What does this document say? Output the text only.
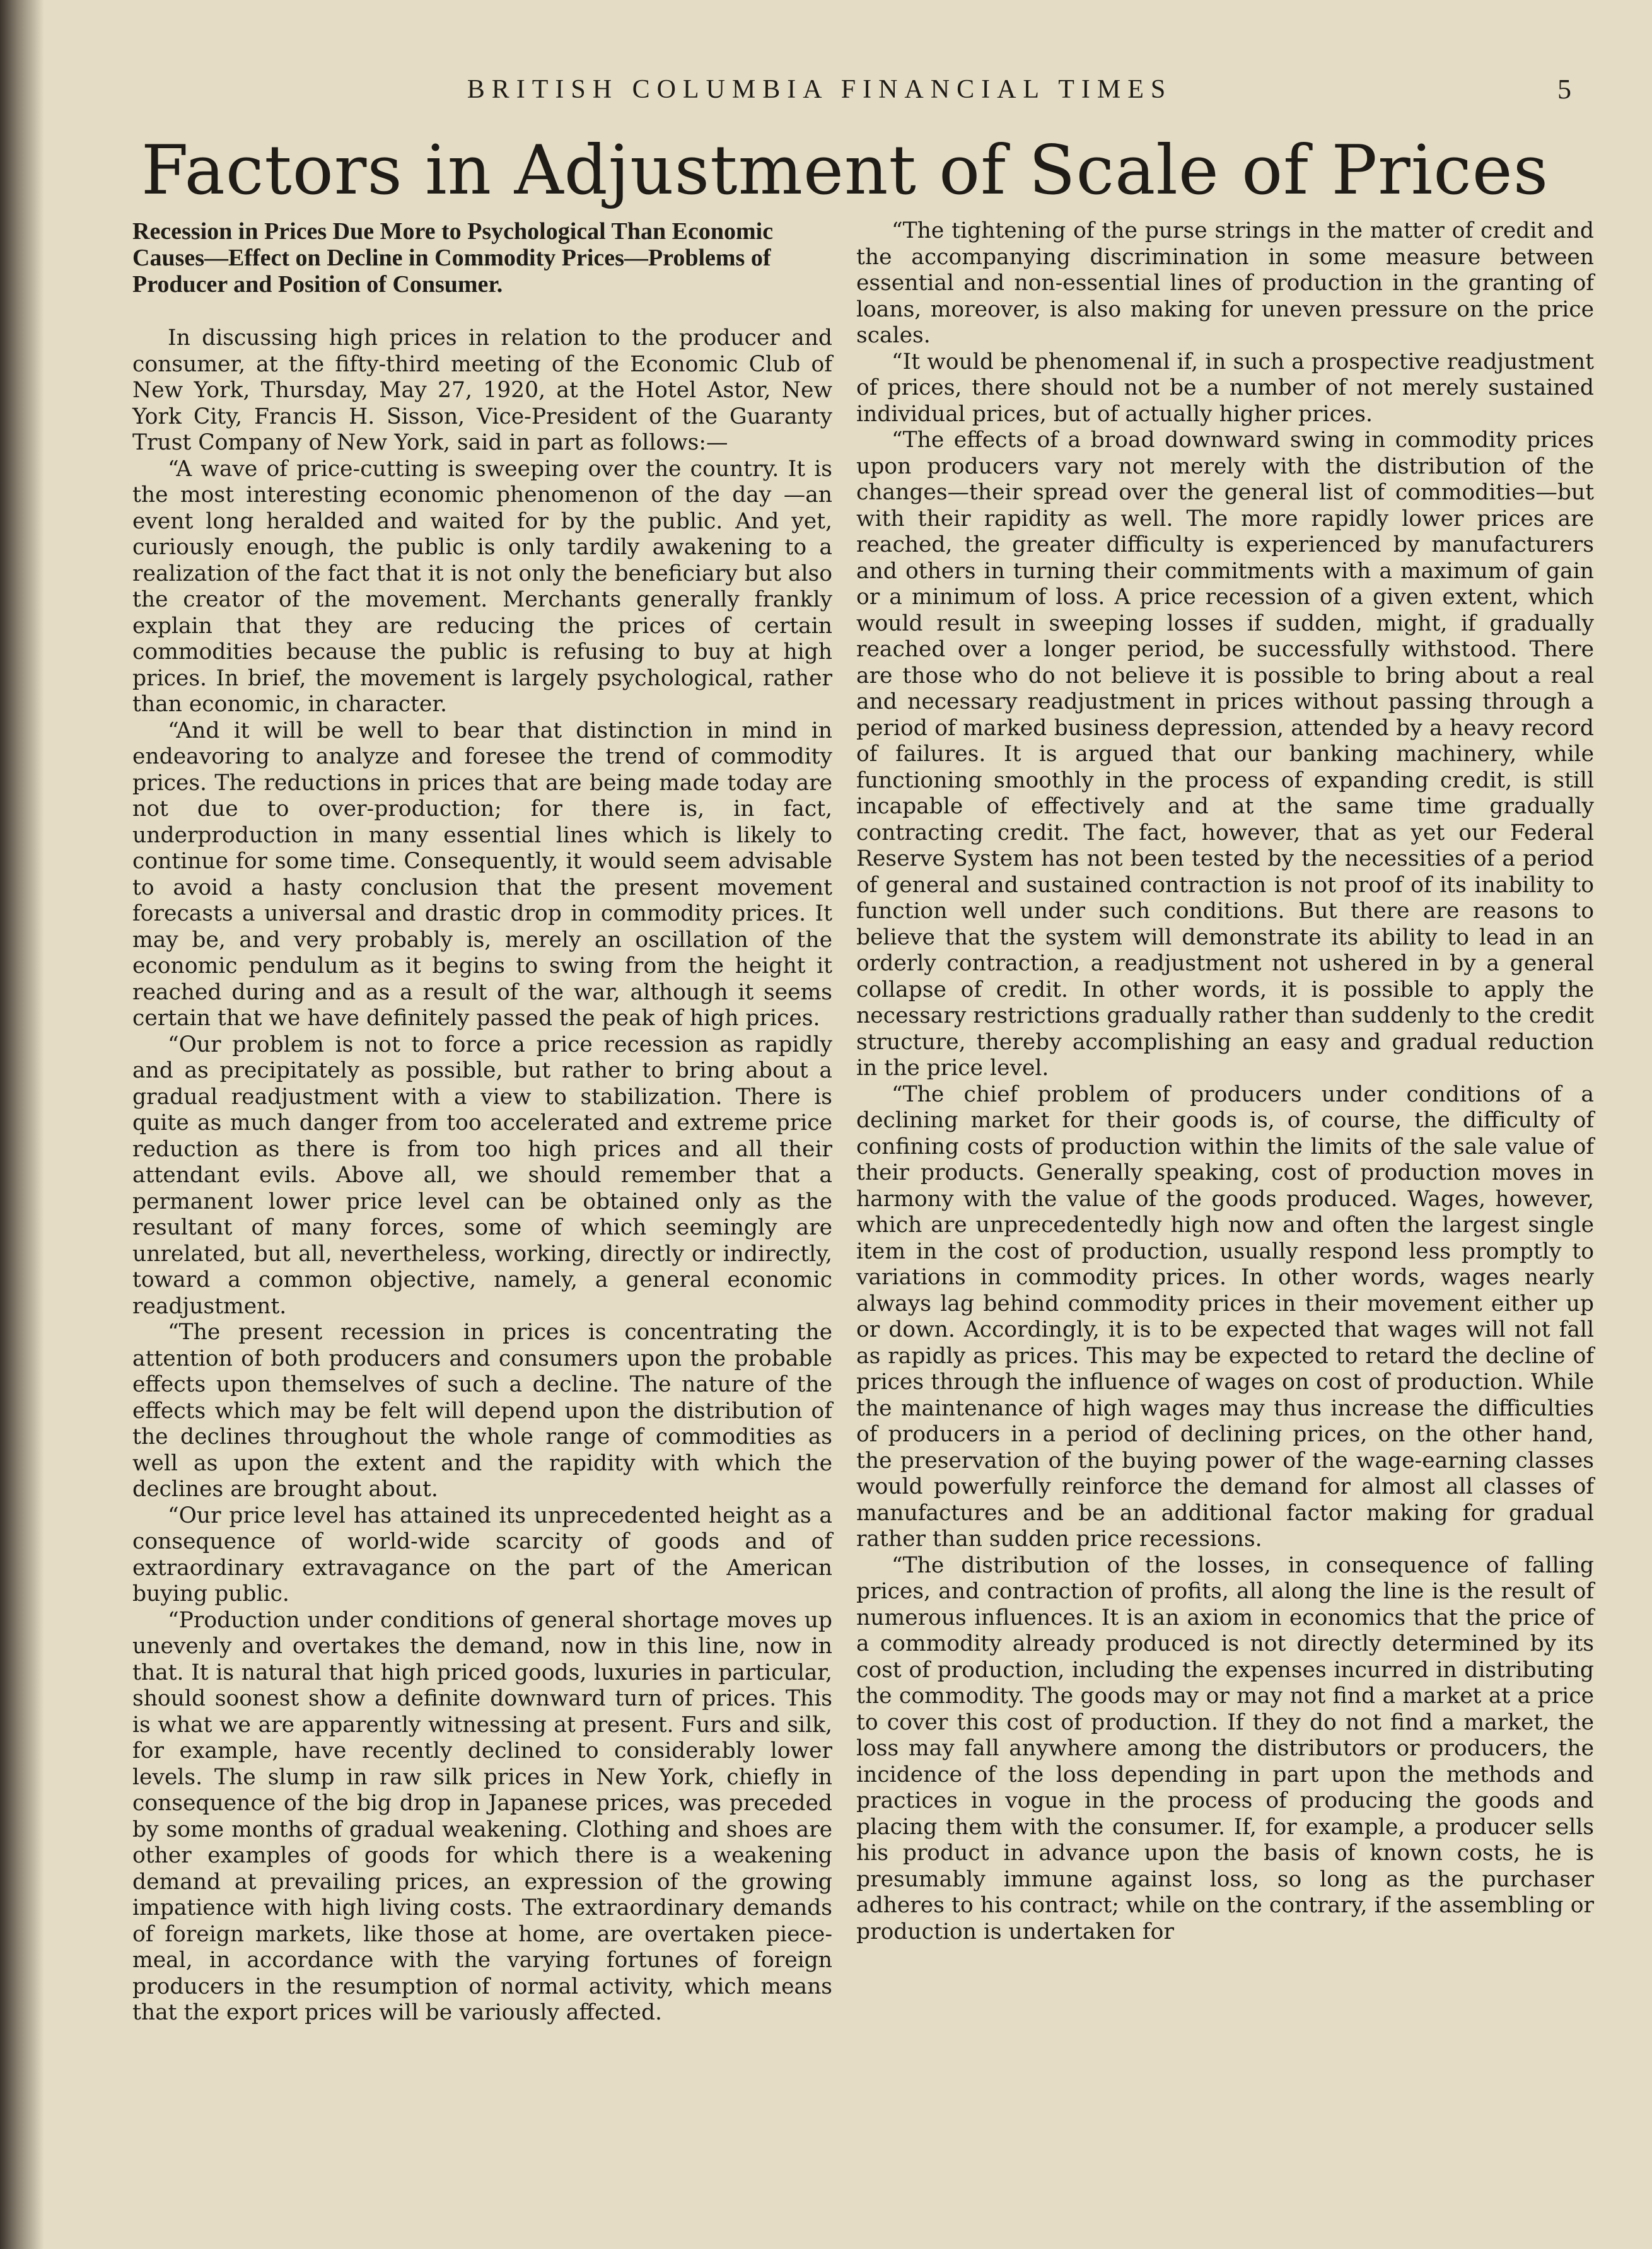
BRITISH COLUMBIA FINANCIAL TIMES	5
Factors in Adjustment of Scale of Prices

Recession in Prices Due More to Psychological Than Economic Causes—Effect on Decline in Commodity Prices—Problems of Producer and Position of Consumer.

In discussing high prices in relation to the producer and consumer, at the fifty-third meeting of the Economic Club of New York, Thursday, May 27, 1920, at the Hotel Astor, New York City, Francis H. Sisson, Vice-President of the Guaranty Trust Company of New York, said in part as follows:—

“A wave of price-cutting is sweeping over the country. It is the most interesting economic phenomenon of the day —an event long heralded and waited for by the public. And yet, curiously enough, the public is only tardily awakening to a realization of the fact that it is not only the beneficiary but also the creator of the movement. Merchants generally frankly explain that they are reducing the prices of certain commodities because the public is refusing to buy at high prices. In brief, the movement is largely psychological, rather than economic, in character.

“And it will be well to bear that distinction in mind in endeavoring to analyze and foresee the trend of commodity prices. The reductions in prices that are being made today are not due to over-production; for there is, in fact, underproduction in many essential lines which is likely to continue for some time. Consequently, it would seem advisable to avoid a hasty conclusion that the present movement forecasts a universal and drastic drop in commodity prices. It may be, and very probably is, merely an oscillation of the economic pendulum as it begins to swing from the height it reached during and as a result of the war, although it seems certain that we have definitely passed the peak of high prices.

“Our problem is not to force a price recession as rapidly and as precipitately as possible, but rather to bring about a gradual readjustment with a view to stabilization. There is quite as much danger from too accelerated and extreme price reduction as there is from too high prices and all their attendant evils. Above all, we should remember that a permanent lower price level can be obtained only as the resultant of many forces, some of which seemingly are unrelated, but all, nevertheless, working, directly or indirectly, toward a common objective, namely, a general economic readjustment.

“The present recession in prices is concentrating the attention of both producers and consumers upon the probable effects upon themselves of such a decline. The nature of the effects which may be felt will depend upon the distribution of the declines throughout the whole range of commodities as well as upon the extent and the rapidity with which the declines are brought about.

“Our price level has attained its unprecedented height as a consequence of world-wide scarcity of goods and of extraordinary extravagance on the part of the American buying public.

“Production under conditions of general shortage moves up unevenly and overtakes the demand, now in this line, now in that. It is natural that high priced goods, luxuries in particular, should soonest show a definite downward turn of prices. This is what we are apparently witnessing at present. Furs and silk, for example, have recently declined to considerably lower levels. The slump in raw silk prices in New York, chiefly in consequence of the big drop in Japanese prices, was preceded by some months of gradual weakening. Clothing and shoes are other examples of goods for which there is a weakening demand at prevailing prices, an expression of the growing impatience with high living costs. The extraordinary demands of foreign markets, like those at home, are overtaken piece-meal, in accordance with the varying fortunes of foreign producers in the resumption of normal activity, which means that the export prices will be variously affected.

“The tightening of the purse strings in the matter of credit and the accompanying discrimination in some measure between essential and non-essential lines of production in the granting of loans, moreover, is also making for uneven pressure on the price scales.

“It would be phenomenal if, in such a prospective readjustment of prices, there should not be a number of not merely sustained individual prices, but of actually higher prices.

“The effects of a broad downward swing in commodity prices upon producers vary not merely with the distribution of the changes—their spread over the general list of commodities—but with their rapidity as well. The more rapidly lower prices are reached, the greater difficulty is experienced by manufacturers and others in turning their commitments with a maximum of gain or a minimum of loss. A price recession of a given extent, which would result in sweeping losses if sudden, might, if gradually reached over a longer period, be successfully withstood. There are those who do not believe it is possible to bring about a real and necessary readjustment in prices without passing through a period of marked business depression, attended by a heavy record of failures. It is argued that our banking machinery, while functioning smoothly in the process of expanding credit, is still incapable of effectively and at the same time gradually contracting credit. The fact, however, that as yet our Federal Reserve System has not been tested by the necessities of a period of general and sustained contraction is not proof of its inability to function well under such conditions. But there are reasons to believe that the system will demonstrate its ability to lead in an orderly contraction, a readjustment not ushered in by a general collapse of credit. In other words, it is possible to apply the necessary restrictions gradually rather than suddenly to the credit structure, thereby accomplishing an easy and gradual reduction in the price level.

“The chief problem of producers under conditions of a declining market for their goods is, of course, the difficulty of confining costs of production within the limits of the sale value of their products. Generally speaking, cost of production moves in harmony with the value of the goods produced. Wages, however, which are unprecedentedly high now and often the largest single item in the cost of production, usually respond less promptly to variations in commodity prices. In other words, wages nearly always lag behind commodity prices in their movement either up or down. Accordingly, it is to be expected that wages will not fall as rapidly as prices. This may be expected to retard the decline of prices through the influence of wages on cost of production. While the maintenance of high wages may thus increase the difficulties of producers in a period of declining prices, on the other hand, the preservation of the buying power of the wage-earning classes would powerfully reinforce the demand for almost all classes of manufactures and be an additional factor making for gradual rather than sudden price recessions.

“The distribution of the losses, in consequence of falling prices, and contraction of profits, all along the line is the result of numerous influences. It is an axiom in economics that the price of a commodity already produced is not directly determined by its cost of production, including the expenses incurred in distributing the commodity. The goods may or may not find a market at a price to cover this cost of production. If they do not find a market, the loss may fall anywhere among the distributors or producers, the incidence of the loss depending in part upon the methods and practices in vogue in the process of producing the goods and placing them with the consumer. If, for example, a producer sells his product in advance upon the basis of known costs, he is presumably immune against loss, so long as the purchaser adheres to his contract; while on the contrary, if the assembling or production is undertaken for
